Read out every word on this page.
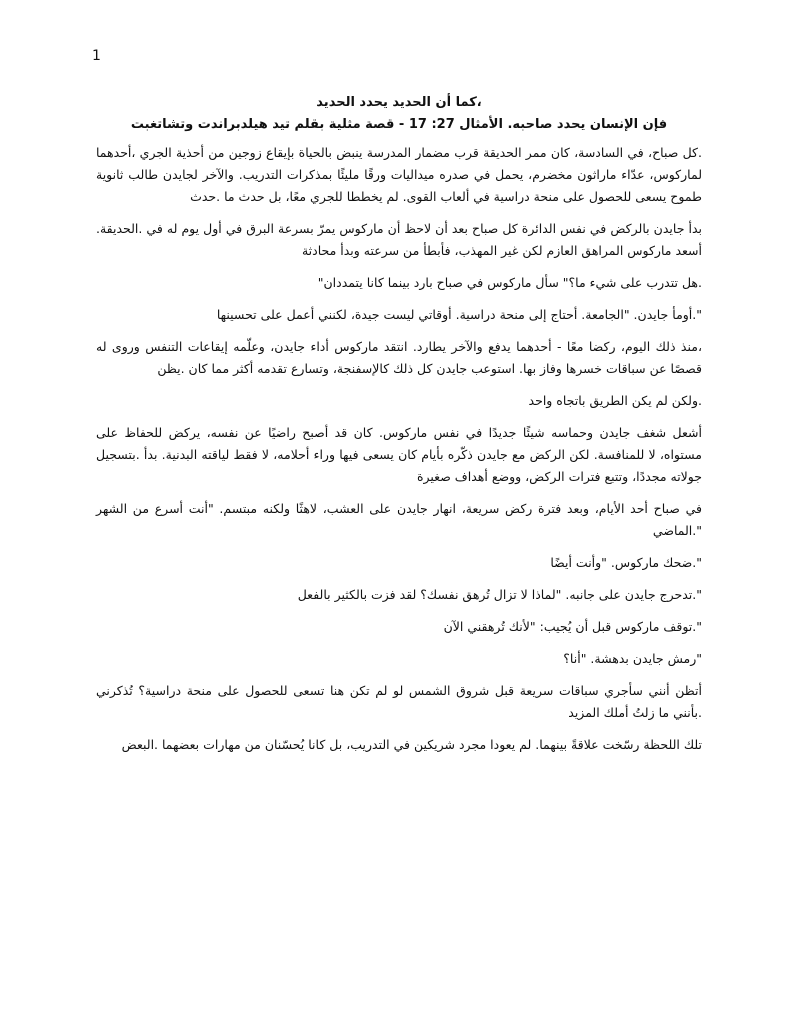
1

،كما أن الحديد يحدد الحديد

فإن الإنسان يحدد صاحبه. الأمثال 27: 17 - قصة مثلية بقلم تيد هيلدبراندت وتشاتغبت

.كل صباح، في السادسة، كان ممر الحديقة قرب مضمار المدرسة ينبض بالحياة بإيقاع زوجين من أحذية الجري ،أحدهما لماركوس، عدّاء ماراثون مخضرم، يحمل في صدره ميداليات ورقًا مليئًا بمذكرات التدريب. والآخر لجايدن طالب ثانوية طموح يسعى للحصول على منحة دراسية في ألعاب القوى. لم يخططا للجري معًا، بل حدث ما .حدث

بدأ جايدن بالركض في نفس الدائرة كل صباح بعد أن لاحظ أن ماركوس يمرّ بسرعة البرق في أول يوم له في .الحديقة. أسعد ماركوس المراهق العازم لكن غير المهذب، فأبطأ من سرعته وبدأ محادثة

.هل تتدرب على شيء ما؟" سأل ماركوس في صباح بارد بينما كانا يتمددان"

".أومأ جايدن. "الجامعة. أحتاج إلى منحة دراسية. أوقاتي ليست جيدة، لكنني أعمل على تحسينها

،منذ ذلك اليوم، ركضا معًا - أحدهما يدفع والآخر يطارد. انتقد ماركوس أداء جايدن، وعلّمه إيقاعات التنفس وروى له قصصًا عن سباقات خسرها وفاز بها. استوعب جايدن كل ذلك كالإسفنجة، وتسارع تقدمه أكثر مما كان .يظن

.ولكن لم يكن الطريق باتجاه واحد

أشعل شغف جايدن وحماسه شيئًا جديدًا في نفس ماركوس. كان قد أصبح راضيًا عن نفسه، يركض للحفاظ على مستواه، لا للمنافسة. لكن الركض مع جايدن ذكّره بأيام كان يسعى فيها وراء أحلامه، لا فقط لياقته البدنية. بدأ .بتسجيل جولاته مجددًا، وتتبع فترات الركض، ووضع أهداف صغيرة

في صباح أحد الأيام، وبعد فترة ركض سريعة، انهار جايدن على العشب، لاهثًا ولكنه مبتسم. "أنت أسرع من الشهر ".الماضي

".ضحك ماركوس. "وأنت أيضًا

".تدحرج جايدن على جانبه. "لماذا لا تزال تُرهق نفسك؟ لقد فزت بالكثير بالفعل

".توقف ماركوس قبل أن يُجيب: "لأنك تُرهقني الآن

"رمش جايدن بدهشة. "أنا؟

أتظن أنني سأجري سباقات سريعة قبل شروق الشمس لو لم تكن هنا تسعى للحصول على منحة دراسية؟ تُذكرني .بأنني ما زلتُ أملك المزيد

تلك اللحظة رسّخت علاقةً بينهما. لم يعودا مجرد شريكين في التدريب، بل كانا يُحسّنان من مهارات بعضهما .البعض
